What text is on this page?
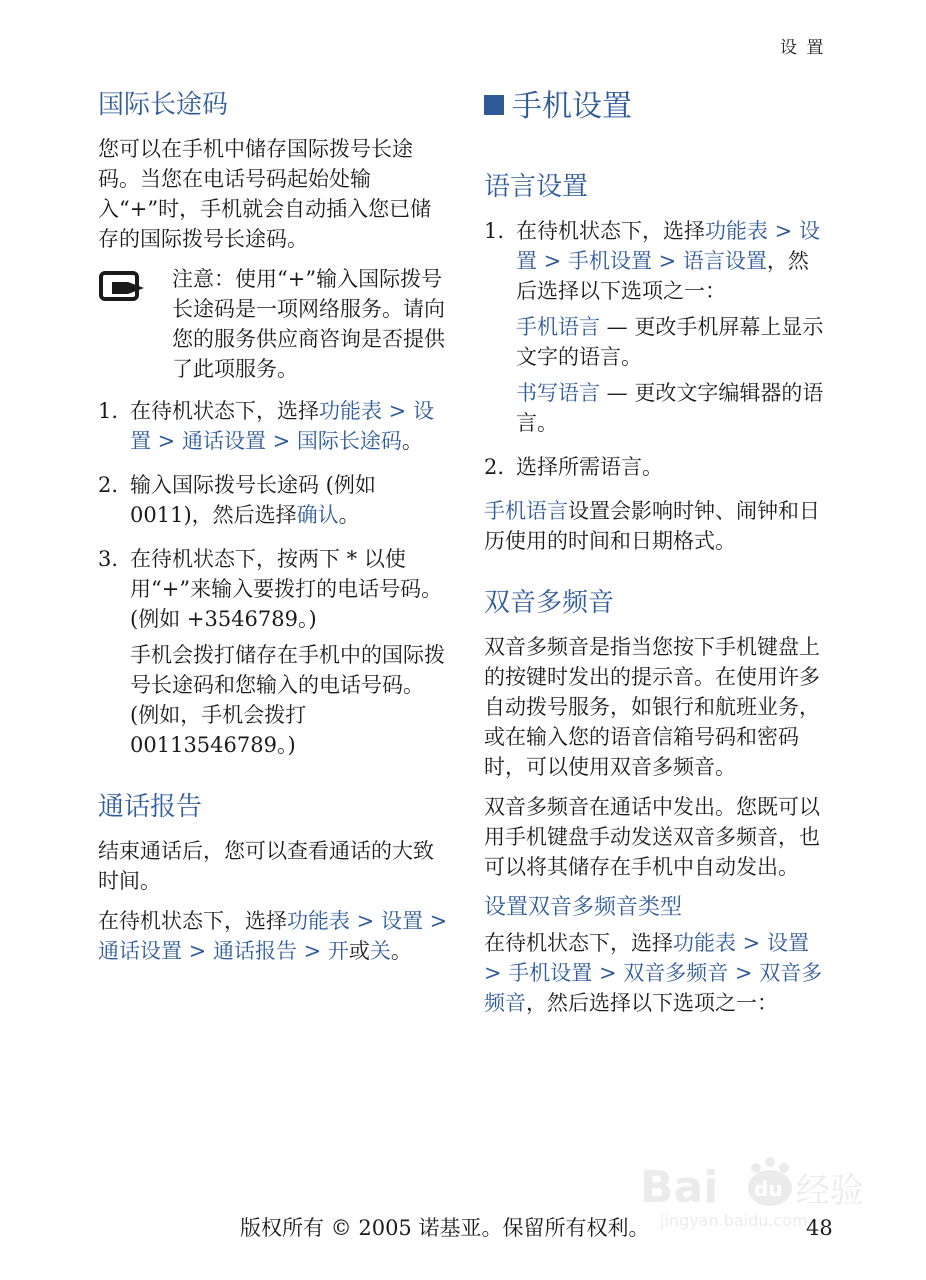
设 置
国际长途码

您可以在手机中储存国际拨号长途码。当您在电话号码起始处输入“+”时，手机就会自动插入您已储存的国际拨号长途码。

注意：使用“+”输入国际拨号长途码是一项网络服务。请向您的服务供应商咨询是否提供了此项服务。
1. 在待机状态下，选择功能表 > 设置 > 通话设置 > 国际长途码。
2. 输入国际拨号长途码 (例如 0011)，然后选择确认。
3. 在待机状态下，按两下 * 以使用“+”来输入要拨打的电话号码。(例如 +3546789。)

手机会拨打储存在手机中的国际拨号长途码和您输入的电话号码。(例如，手机会拨打 00113546789。)

通话报告

结束通话后，您可以查看通话的大致时间。

在待机状态下，选择功能表 > 设置 > 通话设置 > 通话报告 > 开或关。

手机设置
语言设置
1. 在待机状态下，选择功能表 > 设置 > 手机设置 > 语言设置，然后选择以下选项之一：

手机语言 — 更改手机屏幕上显示文字的语言。

书写语言 — 更改文字编辑器的语言。

2. 选择所需语言。

手机语言设置会影响时钟、闹钟和日历使用的时间和日期格式。

双音多频音

双音多频音是指当您按下手机键盘上的按键时发出的提示音。在使用许多自动拨号服务，如银行和航班业务，或在输入您的语音信箱号码和密码时，可以使用双音多频音。

双音多频音在通话中发出。您既可以用手机键盘手动发送双音多频音，也可以将其储存在手机中自动发出。

设置双音多频音类型

在待机状态下，选择功能表 > 设置 > 手机设置 > 双音多频音 > 双音多频音，然后选择以下选项之一：

Bai du 经验
jingyan.baidu.com
版权所有 © 2005 诺基亚。保留所有权利。	48
